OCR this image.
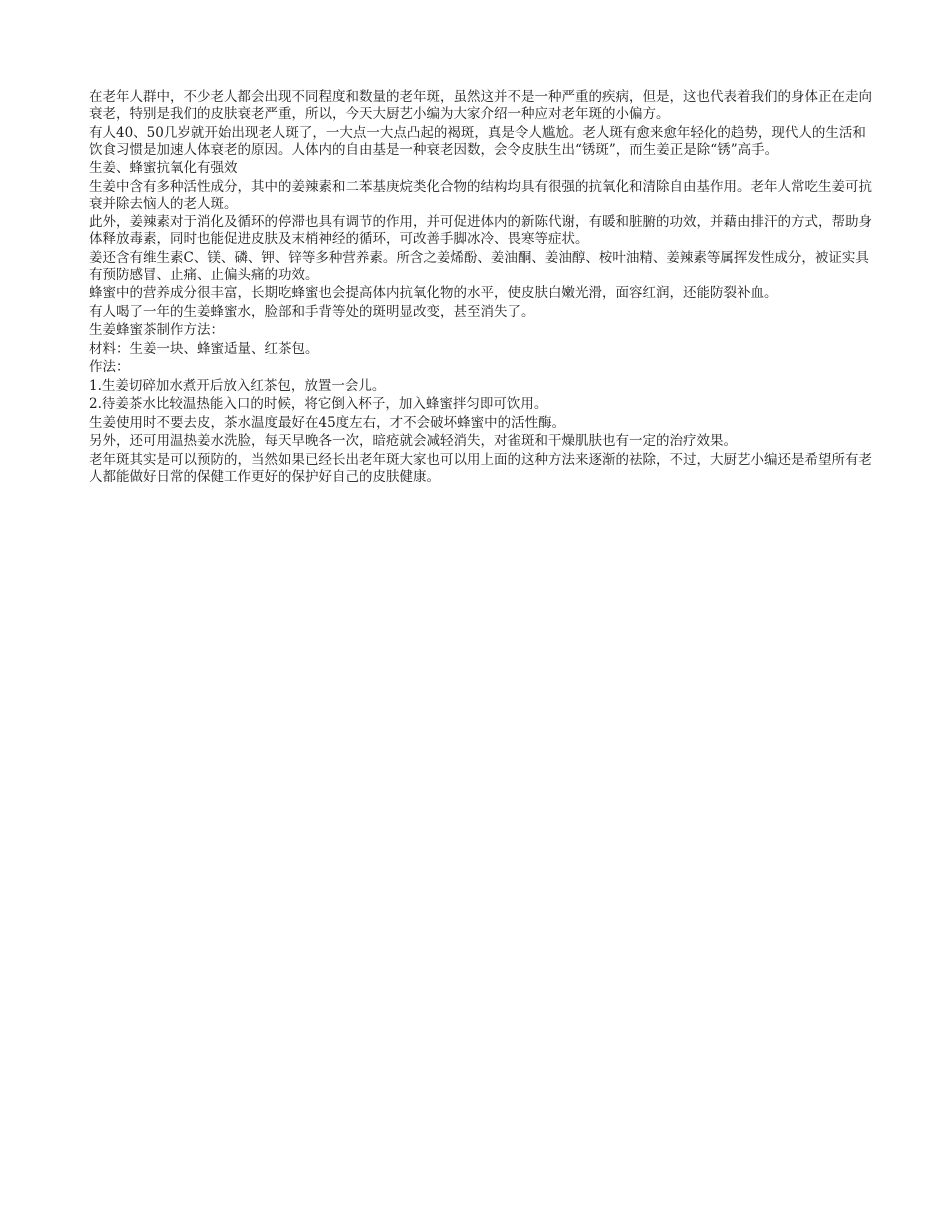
在老年人群中，不少老人都会出现不同程度和数量的老年斑，虽然这并不是一种严重的疾病，但是，这也代表着我们的身体正在走向衰老，特别是我们的皮肤衰老严重，所以，今天大厨艺小编为大家介绍一种应对老年斑的小偏方。

有人40、50几岁就开始出现老人斑了，一大点一大点凸起的褐斑，真是令人尴尬。老人斑有愈来愈年轻化的趋势，现代人的生活和饮食习惯是加速人体衰老的原因。人体内的自由基是一种衰老因数，会令皮肤生出“锈斑”，而生姜正是除“锈”高手。

生姜、蜂蜜抗氧化有强效

生姜中含有多种活性成分，其中的姜辣素和二苯基庚烷类化合物的结构均具有很强的抗氧化和清除自由基作用。老年人常吃生姜可抗衰并除去恼人的老人斑。

此外，姜辣素对于消化及循环的停滞也具有调节的作用，并可促进体内的新陈代谢，有暖和脏腑的功效，并藉由排汗的方式，帮助身体释放毒素，同时也能促进皮肤及末梢神经的循环，可改善手脚冰冷、畏寒等症状。

姜还含有维生素C、镁、磷、钾、锌等多种营养素。所含之姜烯酚、姜油酮、姜油醇、桉叶油精、姜辣素等属挥发性成分，被证实具有预防感冒、止痛、止偏头痛的功效。

蜂蜜中的营养成分很丰富，长期吃蜂蜜也会提高体内抗氧化物的水平，使皮肤白嫩光滑，面容红润，还能防裂补血。

有人喝了一年的生姜蜂蜜水，脸部和手背等处的斑明显改变，甚至消失了。

生姜蜂蜜茶制作方法：

材料：生姜一块、蜂蜜适量、红茶包。

作法：

1.生姜切碎加水煮开后放入红茶包，放置一会儿。

2.待姜茶水比较温热能入口的时候，将它倒入杯子，加入蜂蜜拌匀即可饮用。

生姜使用时不要去皮，茶水温度最好在45度左右，才不会破坏蜂蜜中的活性酶。

另外，还可用温热姜水洗脸，每天早晚各一次，暗疮就会减轻消失，对雀斑和干燥肌肤也有一定的治疗效果。

老年斑其实是可以预防的，当然如果已经长出老年斑大家也可以用上面的这种方法来逐渐的祛除，不过，大厨艺小编还是希望所有老人都能做好日常的保健工作更好的保护好自己的皮肤健康。
